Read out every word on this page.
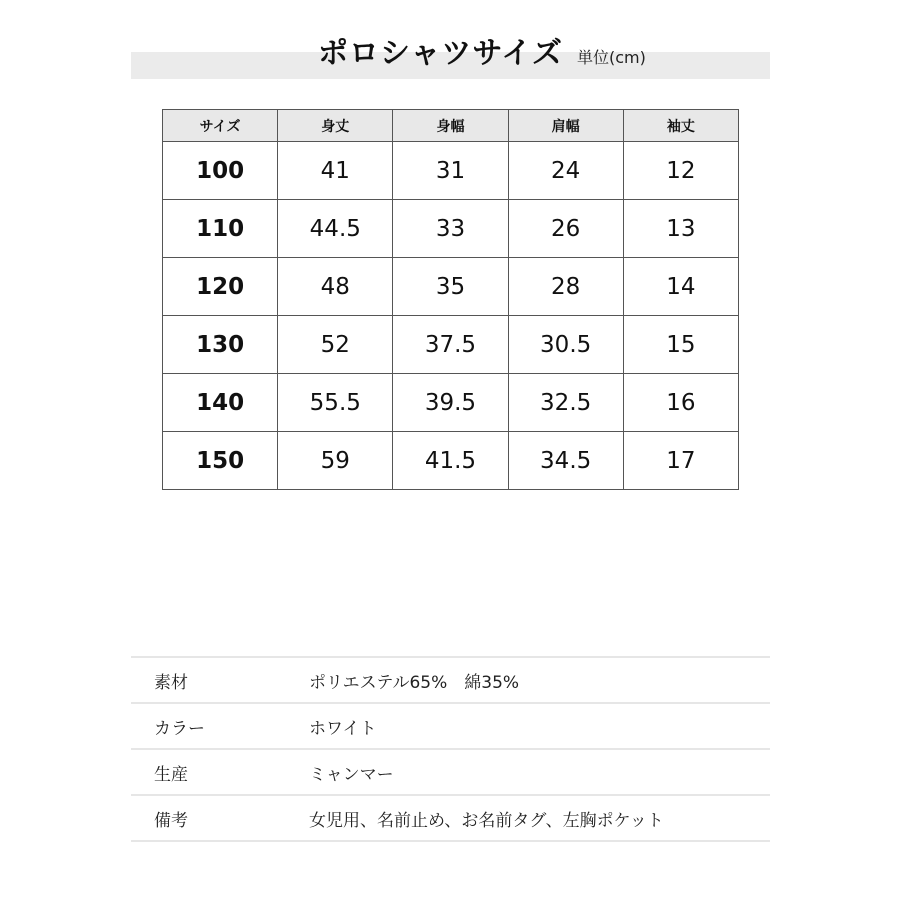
ポロシャツサイズ 単位(cm)
サイズ	身丈	身幅	肩幅	袖丈
100	41	31	24	12
110	44.5	33	26	13
120	48	35	28	14
130	52	37.5	30.5	15
140	55.5	39.5	32.5	16
150	59	41.5	34.5	17
素材	ポリエステル65%　綿35%
カラー	ホワイト
生産	ミャンマー
備考	女児用、名前止め、お名前タグ、左胸ポケット
